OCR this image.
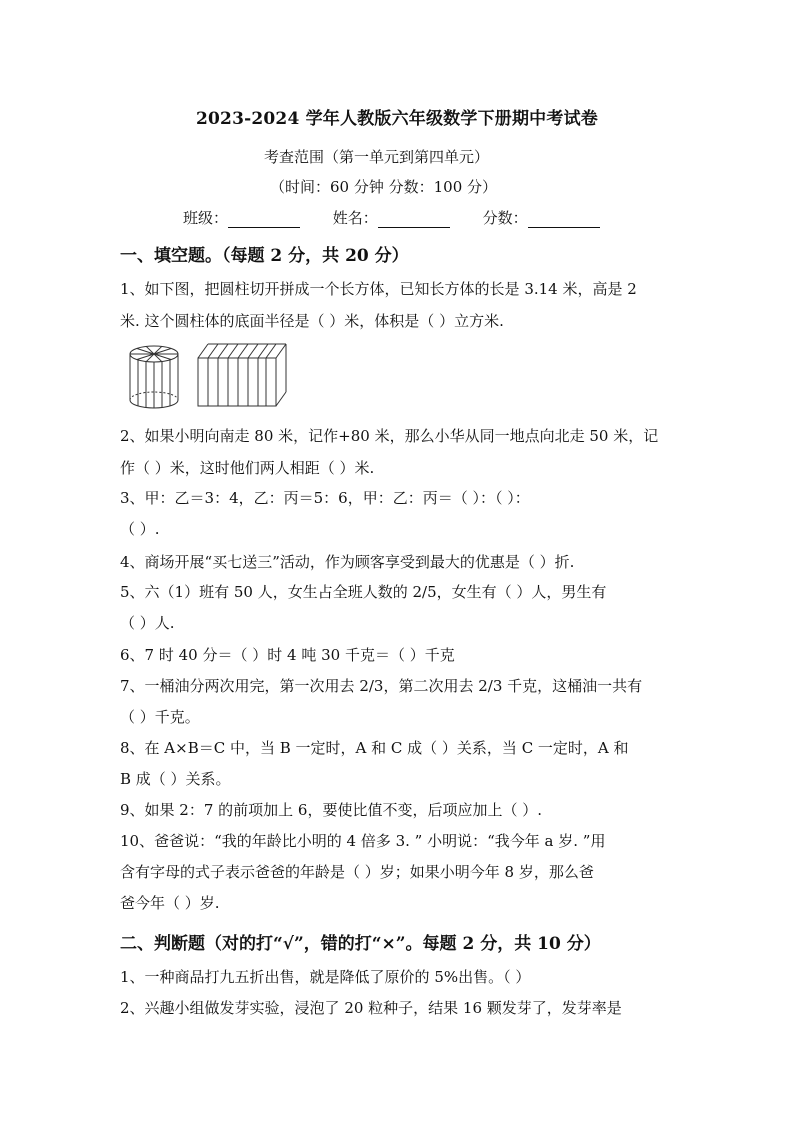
2023-2024 学年人教版六年级数学下册期中考试卷
考查范围（第一单元到第四单元）
（时间：60 分钟 分数：100 分）
班级：	姓名：	分数：
一、填空题。（每题 2 分，共 20 分）
1、如下图，把圆柱切开拼成一个长方体，已知长方体的长是 3.14 米，高是 2
米. 这个圆柱体的底面半径是（ ）米，体积是（ ）立方米.
2、如果小明向南走 80 米，记作+80 米，那么小华从同一地点向北走 50 米，记
作（ ）米，这时他们两人相距（ ）米.
3、甲：乙＝3：4，乙：丙＝5：6，甲：乙：丙＝（ ）：（ ）：
（ ）.
4、商场开展“买七送三”活动，作为顾客享受到最大的优惠是（ ）折.
5、六（1）班有 50 人，女生占全班人数的 2/5，女生有（ ）人，男生有
（ ）人.
6、7 时 40 分＝（ ）时 4 吨 30 千克＝（ ）千克
7、一桶油分两次用完，第一次用去 2/3，第二次用去 2/3 千克，这桶油一共有
（ ）千克。
8、在 A×B＝C 中，当 B 一定时，A 和 C 成（ ）关系，当 C 一定时，A 和
B 成（ ）关系。
9、如果 2：7 的前项加上 6，要使比值不变，后项应加上（ ）.
10、爸爸说：“我的年龄比小明的 4 倍多 3. ” 小明说：“我今年 a 岁. ”用
含有字母的式子表示爸爸的年龄是（ ）岁；如果小明今年 8 岁，那么爸
爸今年（ ）岁.
二、判断题（对的打“√”，错的打“×”。每题 2 分，共 10 分）
1、一种商品打九五折出售，就是降低了原价的 5%出售。（ ）
2、兴趣小组做发芽实验，浸泡了 20 粒种子，结果 16 颗发芽了，发芽率是
